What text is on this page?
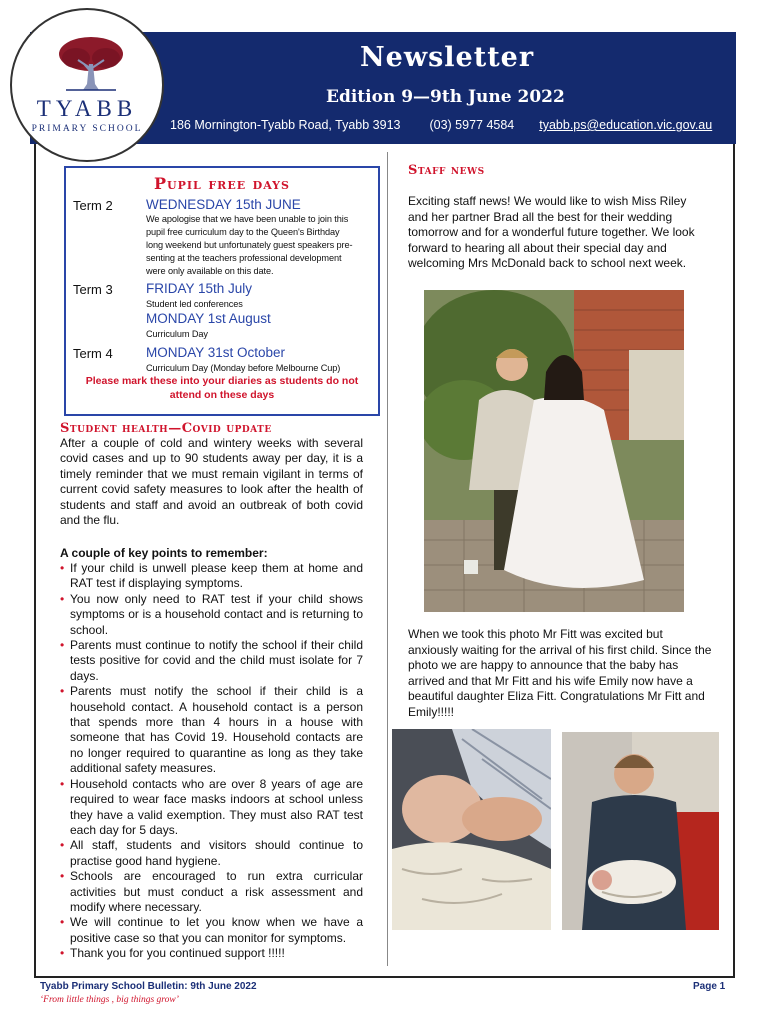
TYABB
PRIMARY SCHOOL
Newsletter
Edition 9—9th June 2022
186 Mornington-Tyabb Road, Tyabb 3913 (03) 5977 4584 tyabb.ps@education.vic.gov.au
Pupil free days
Term 2 WEDNESDAY 15th JUNE
We apologise that we have been unable to join this
pupil free curriculum day to the Queen's Birthday
long weekend but unfortunately guest speakers pre-
senting at the teachers professional development
were only available on this date.
Term 3 FRIDAY 15th July
Student led conferences
MONDAY 1st August
Curriculum Day
Term 4 MONDAY 31st October
Curriculum Day (Monday before Melbourne Cup)
Please mark these into your diaries as students do not attend on these days
Student health—Covid update
After a couple of cold and wintery weeks with several covid cases and up to 90 students away per day, it is a timely reminder that we must remain vigilant in terms of current covid safety measures to look after the health of students and staff and avoid an outbreak of both covid and the flu.
A couple of key points to remember:
• If your child is unwell please keep them at home and RAT test if displaying symptoms.
• You now only need to RAT test if your child shows symptoms or is a household contact and is returning to school.
• Parents must continue to notify the school if their child tests positive for covid and the child must isolate for 7 days.
• Parents must notify the school if their child is a household contact. A household contact is a person that spends more than 4 hours in a house with someone that has Covid 19. Household contacts are no longer required to quarantine as long as they take additional safety measures.
• Household contacts who are over 8 years of age are required to wear face masks indoors at school unless they have a valid exemption. They must also RAT test each day for 5 days.
• All staff, students and visitors should continue to practise good hand hygiene.
• Schools are encouraged to run extra curricular activities but must conduct a risk assessment and modify where necessary.
• We will continue to let you know when we have a positive case so that you can monitor for symptoms.
• Thank you for you continued support !!!!!
Staff news
Exciting staff news! We would like to wish Miss Riley and her partner Brad all the best for their wedding tomorrow and for a wonderful future together. We look forward to hearing all about their special day and welcoming Mrs McDonald back to school next week.
When we took this photo Mr Fitt was excited but anxiously waiting for the arrival of his first child. Since the photo we are happy to announce that the baby has arrived and that Mr Fitt and his wife Emily now have a beautiful daughter Eliza Fitt. Congratulations Mr Fitt and Emily!!!!!
Tyabb Primary School Bulletin: 9th June 2022
‘From little things , big things grow’
Page 1
